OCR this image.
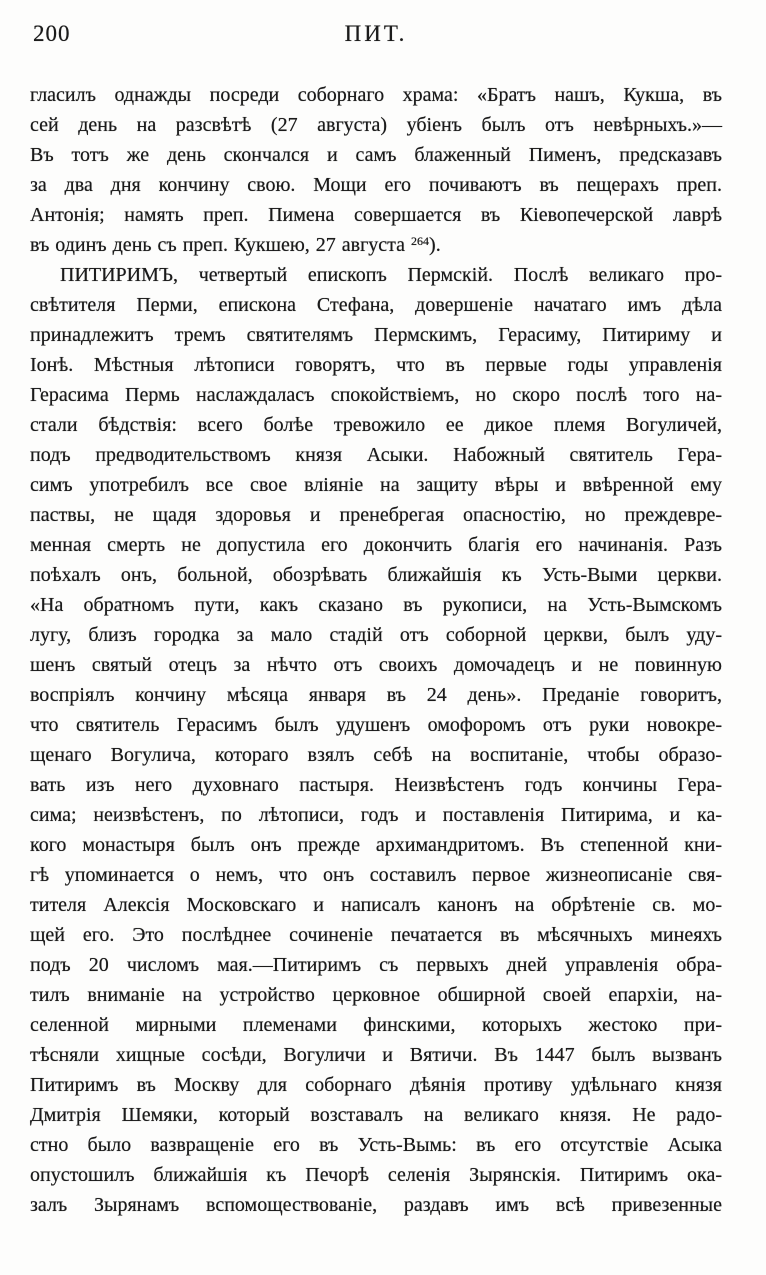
200	ПИТ.
гласилъ однажды посреди соборнаго храма: «Братъ нашъ, Кукша, въ
сей день на разсвѣтѣ (27 августа) убіенъ былъ отъ невѣрныхъ.»—
Въ тотъ же день скончался и самъ блаженный Пименъ, предсказавъ
за два дня кончину свою. Мощи его почиваютъ въ пещерахъ преп.
Антонія; намять преп. Пимена совершается въ Кіевопечерской лаврѣ
въ одинъ день съ преп. Кукшею, 27 августа $^{264}$).
ПИТИРИМЪ, четвертый епископъ Пермскій. Послѣ великаго про-
свѣтителя Перми, епискона Стефана, довершеніе начатаго имъ дѣла
принадлежитъ тремъ святителямъ Пермскимъ, Герасиму, Питириму и
Іонѣ. Мѣстныя лѣтописи говорятъ, что въ первые годы управленія
Герасима Пермь наслаждаласъ спокойствіемъ, но скоро послѣ того на-
стали бѣдствія: всего болѣе тревожило ее дикое племя Вогуличей,
подъ предводительствомъ князя Асыки. Набожный святитель Гера-
симъ употребилъ все свое вліяніе на защиту вѣры и ввѣренной ему
паствы, не щадя здоровья и пренебрегая опасностію, но преждевре-
менная смерть не допустила его докончить благія его начинанія. Разъ
поѣхалъ онъ, больной, обозрѣвать ближайшія къ Усть-Выми церкви.
«На обратномъ пути, какъ сказано въ рукописи, на Усть-Вымскомъ
лугу, близъ городка за мало стадій отъ соборной церкви, былъ уду-
шенъ святый отецъ за нѣчто отъ своихъ домочадецъ и не повинную
воспріялъ кончину мѣсяца января въ 24 день». Преданіе говоритъ,
что святитель Герасимъ былъ удушенъ омофоромъ отъ руки новокре-
щенаго Вогулича, котораго взялъ себѣ на воспитаніе, чтобы образо-
вать изъ него духовнаго пастыря. Неизвѣстенъ годъ кончины Гера-
сима; неизвѣстенъ, по лѣтописи, годъ и поставленія Питирима, и ка-
кого монастыря былъ онъ прежде архимандритомъ. Въ степенной кни-
гѣ упоминается о немъ, что онъ составилъ первое жизнеописаніе свя-
тителя Алексія Московскаго и написалъ канонъ на обрѣтеніе св. мо-
щей его. Это послѣднее сочиненіе печатается въ мѣсячныхъ минеяхъ
подъ 20 числомъ мая.—Питиримъ съ первыхъ дней управленія обра-
тилъ вниманіе на устройство церковное обширной своей епархіи, на-
селенной мирными племенами финскими, которыхъ жестоко при-
тѣсняли хищные сосѣди, Вогуличи и Вятичи. Въ 1447 былъ вызванъ
Питиримъ въ Москву для соборнаго дѣянія противу удѣльнаго князя
Дмитрія Шемяки, который возставалъ на великаго князя. Не радо-
стно было вазвращеніе его въ Усть-Вымь: въ его отсутствіе Асыка
опустошилъ ближайшія къ Печорѣ селенія Зырянскія. Питиримъ ока-
залъ Зырянамъ вспомоществованіе, раздавъ имъ всѣ привезенные
